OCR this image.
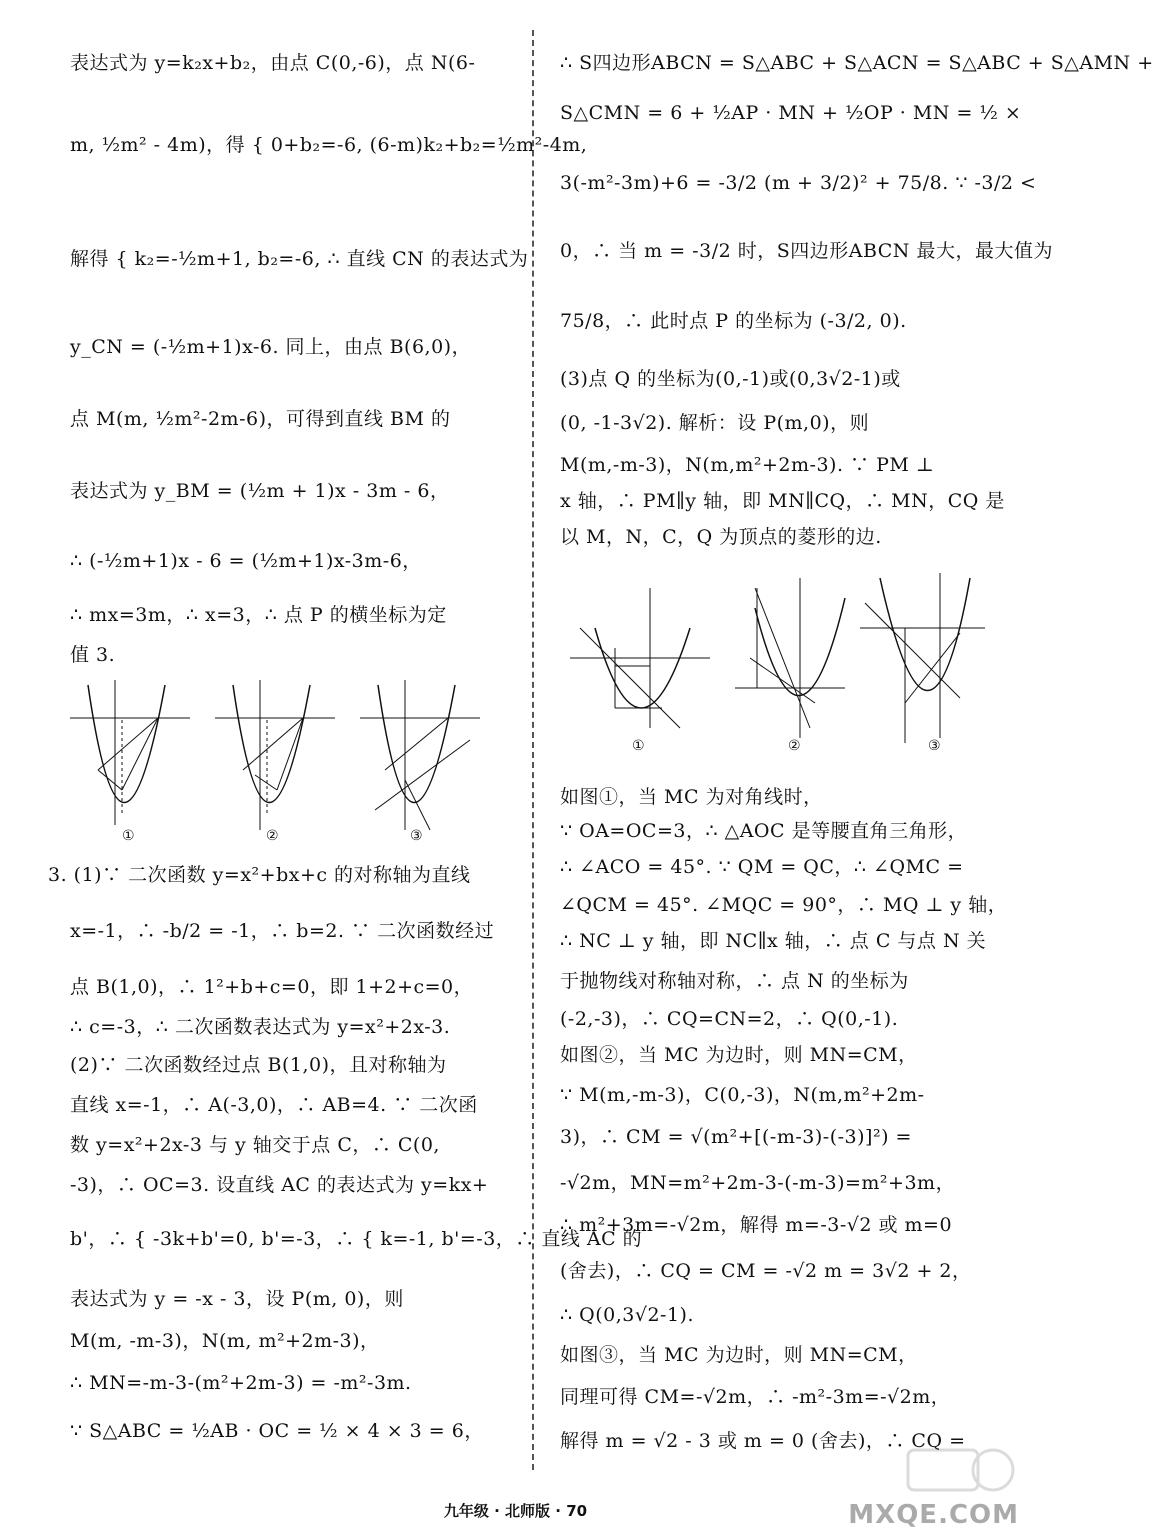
表达式为 y=k₂x+b₂，由点 C(0,-6)，点 N(6-
m, ½m² - 4m)，得 { 0+b₂=-6, (6-m)k₂+b₂=½m²-4m,
解得 { k₂=-½m+1, b₂=-6, ∴ 直线 CN 的表达式为
y_CN = (-½m+1)x-6. 同上，由点 B(6,0)，
点 M(m, ½m²-2m-6)，可得到直线 BM 的
表达式为 y_BM = (½m + 1)x - 3m - 6，
∴ (-½m+1)x - 6 = (½m+1)x-3m-6，
∴ mx=3m，∴ x=3，∴ 点 P 的横坐标为定
值 3.
①	②	③
3. (1)∵ 二次函数 y=x²+bx+c 的对称轴为直线
x=-1，∴ -b/2 = -1，∴ b=2. ∵ 二次函数经过
点 B(1,0)，∴ 1²+b+c=0，即 1+2+c=0，
∴ c=-3，∴ 二次函数表达式为 y=x²+2x-3.
(2)∵ 二次函数经过点 B(1,0)，且对称轴为
直线 x=-1，∴ A(-3,0)，∴ AB=4. ∵ 二次函
数 y=x²+2x-3 与 y 轴交于点 C，∴ C(0,
-3)，∴ OC=3. 设直线 AC 的表达式为 y=kx+
b'，∴ { -3k+b'=0, b'=-3，∴ { k=-1, b'=-3，∴ 直线 AC 的
表达式为 y = -x - 3，设 P(m, 0)，则
M(m, -m-3)，N(m, m²+2m-3)，
∴ MN=-m-3-(m²+2m-3) = -m²-3m.
∵ S△ABC = ½AB · OC = ½ × 4 × 3 = 6，
∴ S四边形ABCN = S△ABC + S△ACN = S△ABC + S△AMN +
S△CMN = 6 + ½AP · MN + ½OP · MN = ½ ×
3(-m²-3m)+6 = -3/2 (m + 3/2)² + 75/8. ∵ -3/2 <
0，∴ 当 m = -3/2 时，S四边形ABCN 最大，最大值为
75/8，∴ 此时点 P 的坐标为 (-3/2, 0).
(3)点 Q 的坐标为(0,-1)或(0,3√2-1)或
(0, -1-3√2). 解析：设 P(m,0)，则
M(m,-m-3)，N(m,m²+2m-3). ∵ PM ⊥
x 轴，∴ PM∥y 轴，即 MN∥CQ，∴ MN，CQ 是
以 M，N，C，Q 为顶点的菱形的边.
①	②	③
如图①，当 MC 为对角线时，
∵ OA=OC=3，∴ △AOC 是等腰直角三角形，
∴ ∠ACO = 45°. ∵ QM = QC，∴ ∠QMC =
∠QCM = 45°. ∠MQC = 90°，∴ MQ ⊥ y 轴，
∴ NC ⊥ y 轴，即 NC∥x 轴，∴ 点 C 与点 N 关
于抛物线对称轴对称，∴ 点 N 的坐标为
(-2,-3)，∴ CQ=CN=2，∴ Q(0,-1).
如图②，当 MC 为边时，则 MN=CM，
∵ M(m,-m-3)，C(0,-3)，N(m,m²+2m-
3)，∴ CM = √(m²+[(-m-3)-(-3)]²) =
-√2m，MN=m²+2m-3-(-m-3)=m²+3m，
∴ m²+3m=-√2m，解得 m=-3-√2 或 m=0
(舍去)，∴ CQ = CM = -√2 m = 3√2 + 2，
∴ Q(0,3√2-1).
如图③，当 MC 为边时，则 MN=CM，
同理可得 CM=-√2m，∴ -m²-3m=-√2m，
解得 m = √2 - 3 或 m = 0 (舍去)，∴ CQ =
九年级 · 北师版 · 70	MXQE.COM
